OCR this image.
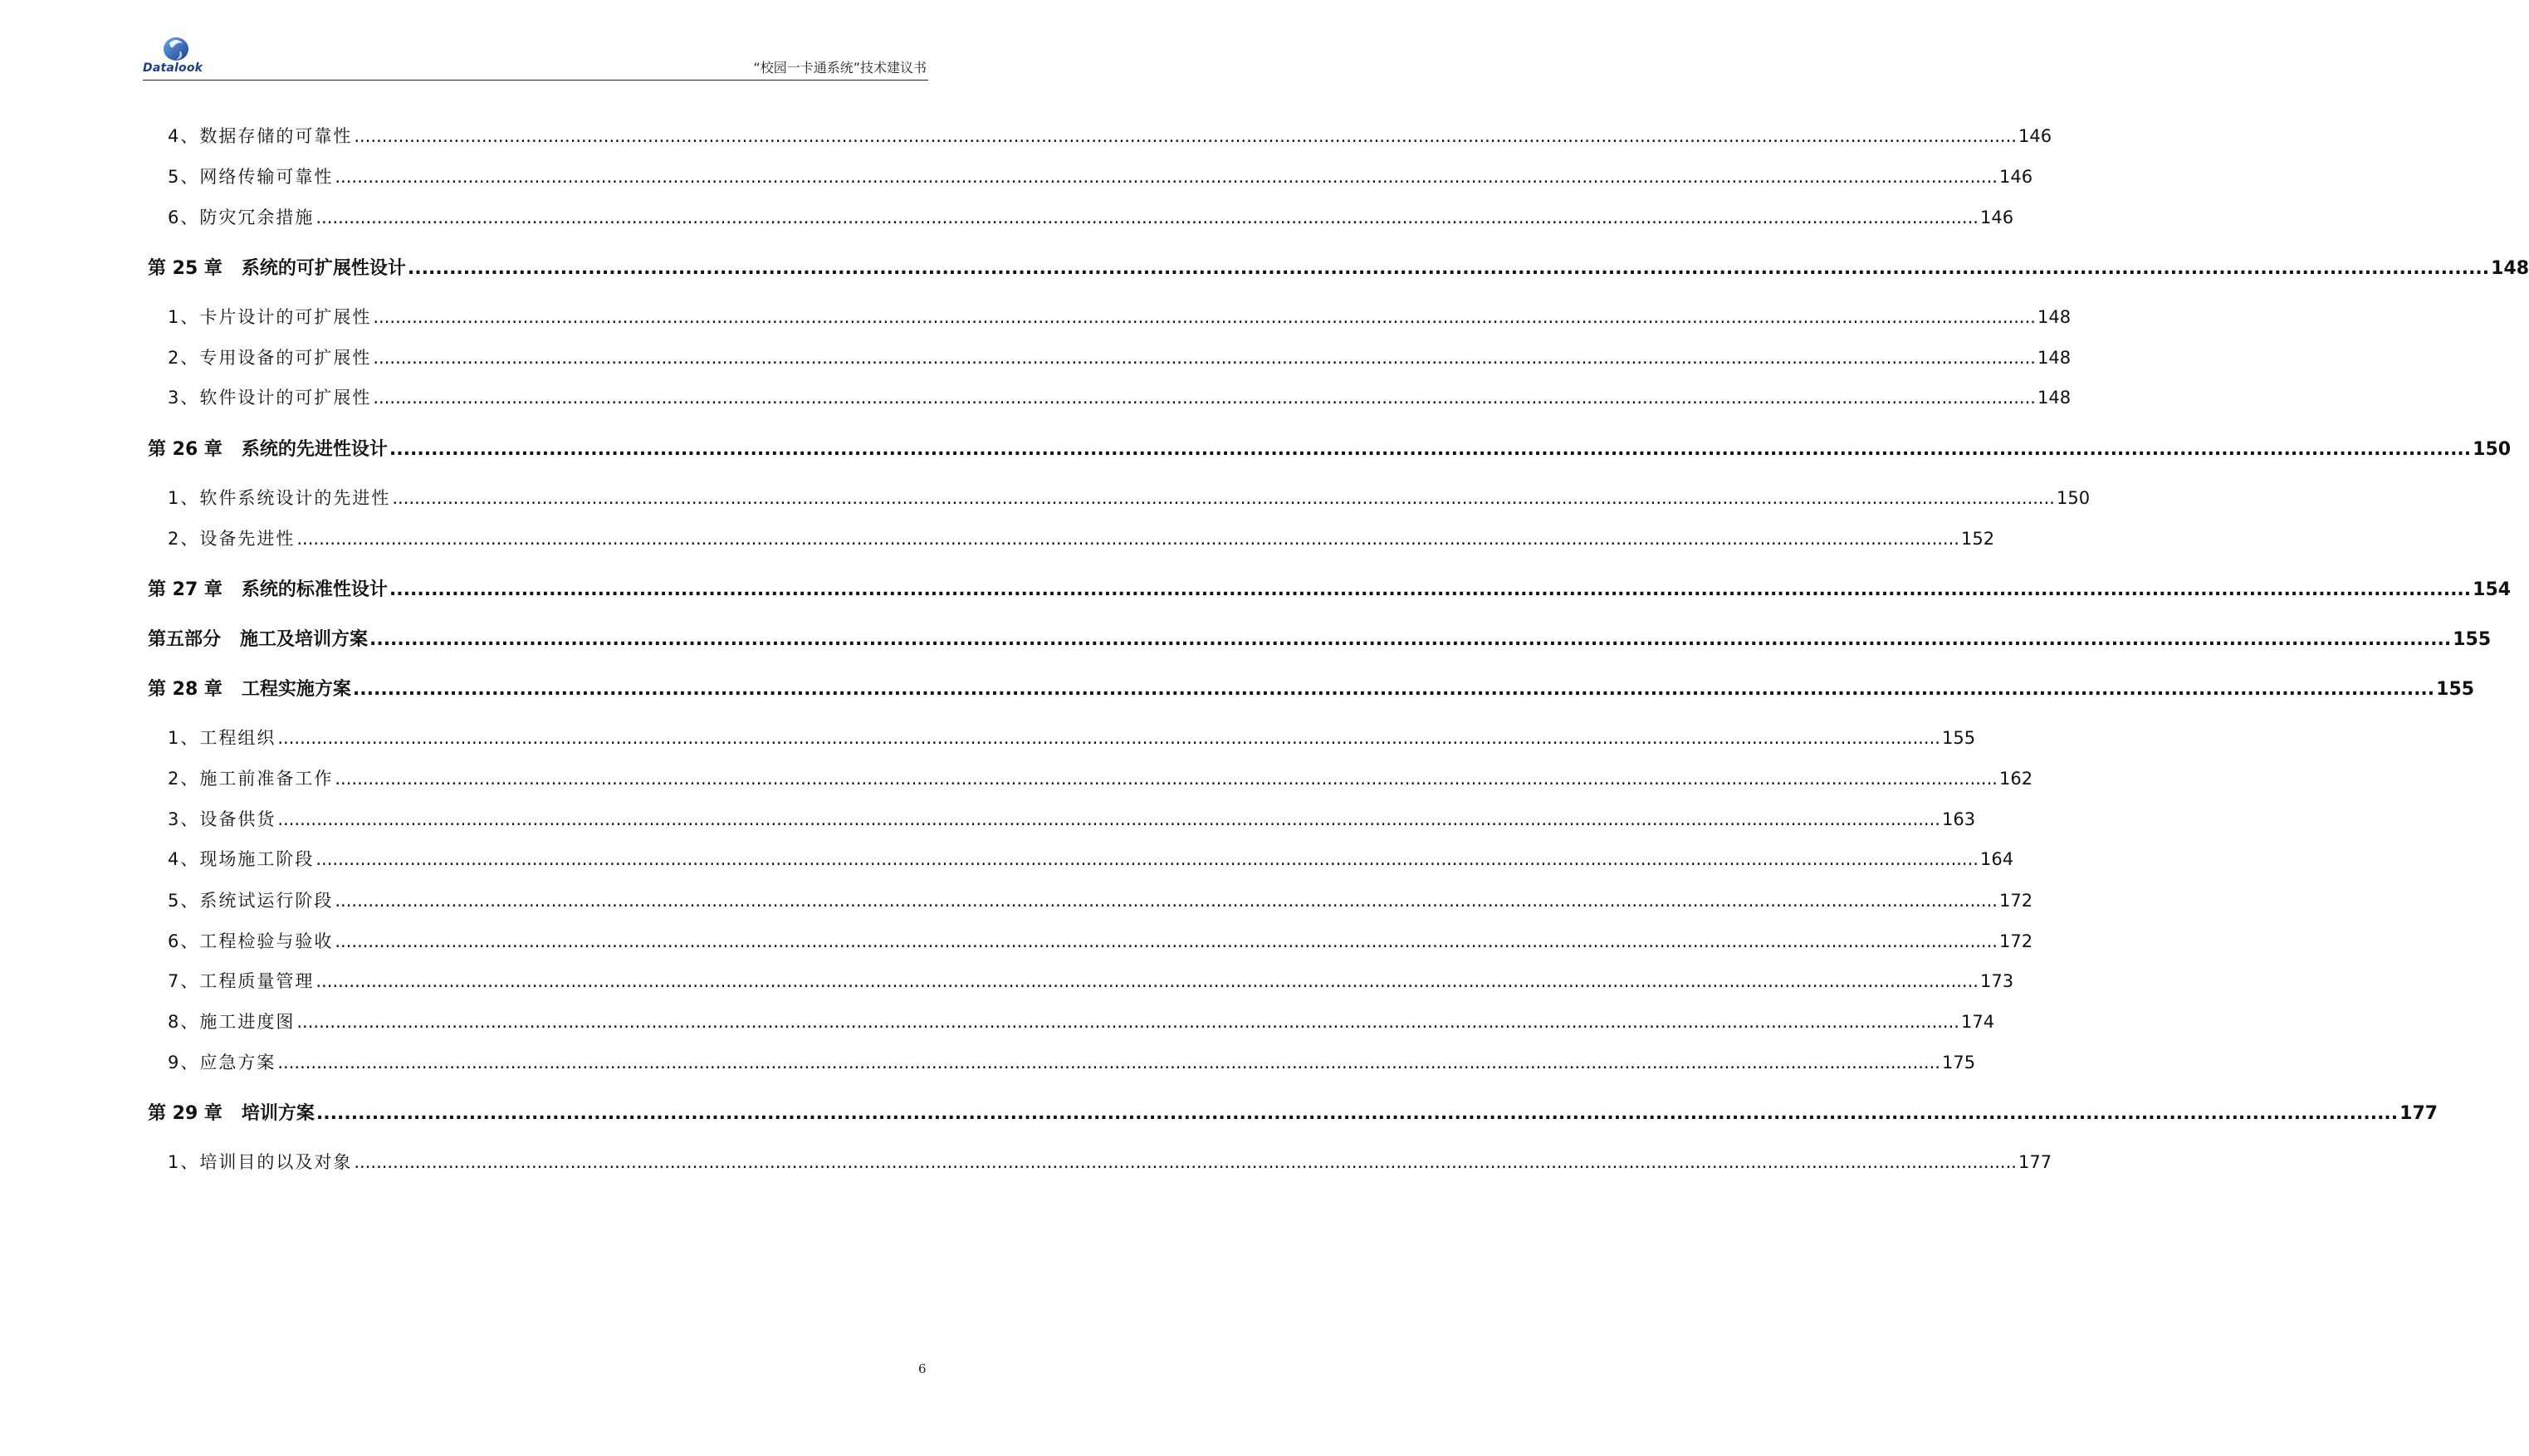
Datalook	“校园一卡通系统”技术建议书
4、数据存储的可靠性 ............................................................................................................................................................................................................................................................................................................ 146
5、网络传输可靠性 ............................................................................................................................................................................................................................................................................................................ 146
6、防灾冗余措施 ............................................................................................................................................................................................................................................................................................................ 146
第 25 章   系统的可扩展性设计 ............................................................................................................................................................................................................................................................................................................ 148
1、卡片设计的可扩展性 ............................................................................................................................................................................................................................................................................................................ 148
2、专用设备的可扩展性 ............................................................................................................................................................................................................................................................................................................ 148
3、软件设计的可扩展性 ............................................................................................................................................................................................................................................................................................................ 148
第 26 章   系统的先进性设计 ............................................................................................................................................................................................................................................................................................................ 150
1、软件系统设计的先进性 ............................................................................................................................................................................................................................................................................................................ 150
2、设备先进性 ............................................................................................................................................................................................................................................................................................................ 152
第 27 章   系统的标准性设计 ............................................................................................................................................................................................................................................................................................................ 154
第五部分   施工及培训方案 ............................................................................................................................................................................................................................................................................................................ 155
第 28 章   工程实施方案 ............................................................................................................................................................................................................................................................................................................ 155
1、工程组织 ............................................................................................................................................................................................................................................................................................................ 155
2、施工前准备工作 ............................................................................................................................................................................................................................................................................................................ 162
3、设备供货 ............................................................................................................................................................................................................................................................................................................ 163
4、现场施工阶段 ............................................................................................................................................................................................................................................................................................................ 164
5、系统试运行阶段 ............................................................................................................................................................................................................................................................................................................ 172
6、工程检验与验收 ............................................................................................................................................................................................................................................................................................................ 172
7、工程质量管理 ............................................................................................................................................................................................................................................................................................................ 173
8、施工进度图 ............................................................................................................................................................................................................................................................................................................ 174
9、应急方案 ............................................................................................................................................................................................................................................................................................................ 175
第 29 章   培训方案 ............................................................................................................................................................................................................................................................................................................ 177
1、培训目的以及对象 ............................................................................................................................................................................................................................................................................................................ 177
6
